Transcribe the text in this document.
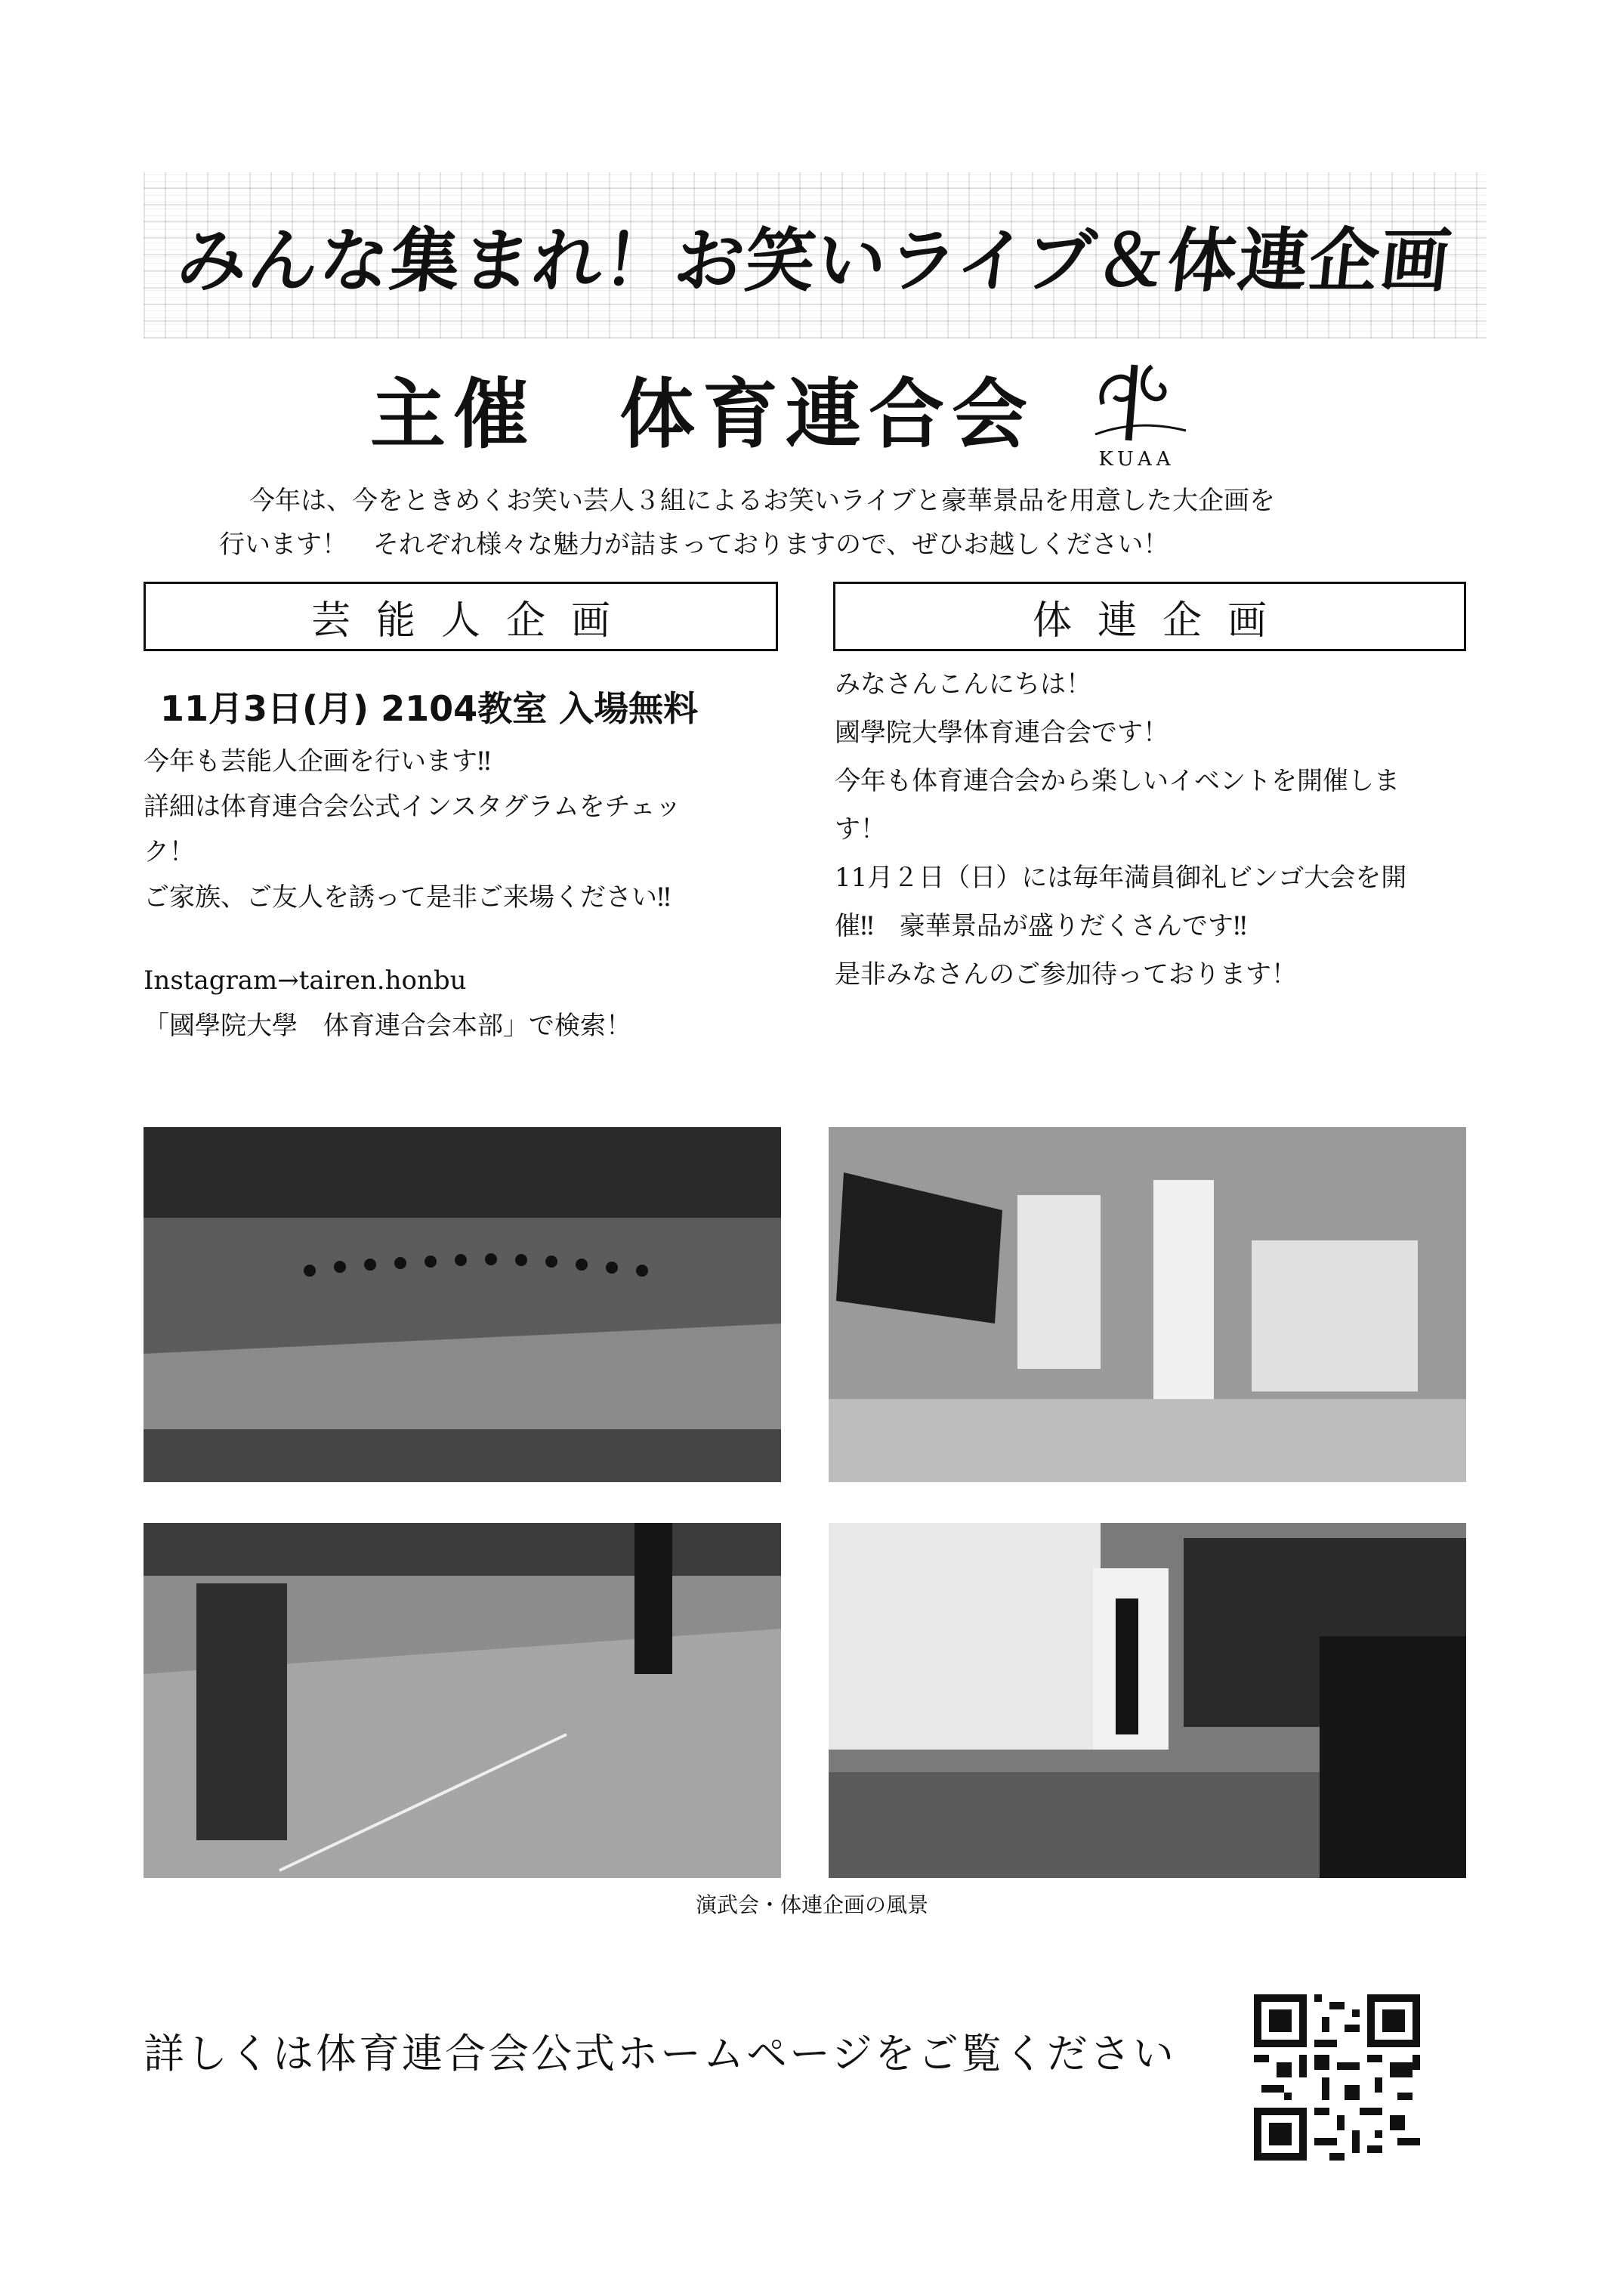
みんな集まれ！お笑いライブ＆体連企画
主催　体育連合会
KUAA

今年は、今をときめくお笑い芸人３組によるお笑いライブと豪華景品を用意した大企画を

行います！　それぞれ様々な魅力が詰まっておりますので、ぜひお越しください！

芸能人企画	体連企画
11月3日(月) 2104教室 入場無料

今年も芸能人企画を行います‼

詳細は体育連合会公式インスタグラムをチェッ

ク！

ご家族、ご友人を誘って是非ご来場ください‼

Instagram→tairen.honbu

「國學院大學　体育連合会本部」で検索！

みなさんこんにちは！

國學院大學体育連合会です！

今年も体育連合会から楽しいイベントを開催しま

す！

11月２日（日）には毎年満員御礼ビンゴ大会を開

催‼　豪華景品が盛りだくさんです‼

是非みなさんのご参加待っております！

演武会・体連企画の風景
詳しくは体育連合会公式ホームページをご覧ください
